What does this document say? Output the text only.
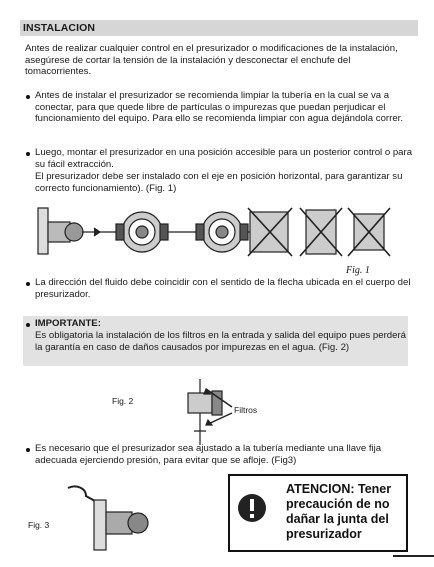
INSTALACION
Antes de realizar cualquier control en el presurizador o modificaciones de la instalación, asegúrese de cortar la tensión de la instalación y desconectar el enchufe del tomacorrientes.
Antes de instalar el presurizador se recomienda limpiar la tubería en la cual se va a conectar, para que quede libre de partículas o impurezas que puedan perjudicar el funcionamiento del equipo. Para ello se recomienda limpiar con agua dejándola correr.
Luego, montar el presurizador en una posición accesible para un posterior control o para su fácil extracción.
El presurizador debe ser instalado con el eje en posición horizontal, para garantizar su correcto funcionamiento). (Fig. 1)
Fig. 1
La dirección del fluido debe coincidir con el sentido de la flecha ubicada en el cuerpo del presurizador.
IMPORTANTE:
Es obligatoria la instalación de los filtros en la entrada y salida del equipo pues perderá la garantía en caso de daños causados por impurezas en el agua. (Fig. 2)
Fig. 2
Filtros
Es necesario que el presurizador sea ajustado a la tubería mediante una llave fija adecuada ejerciendo presión, para evitar que se afloje. (Fig3)
Fig. 3
ATENCION: Tener
precaución de no
dañar la junta del
presurizador
